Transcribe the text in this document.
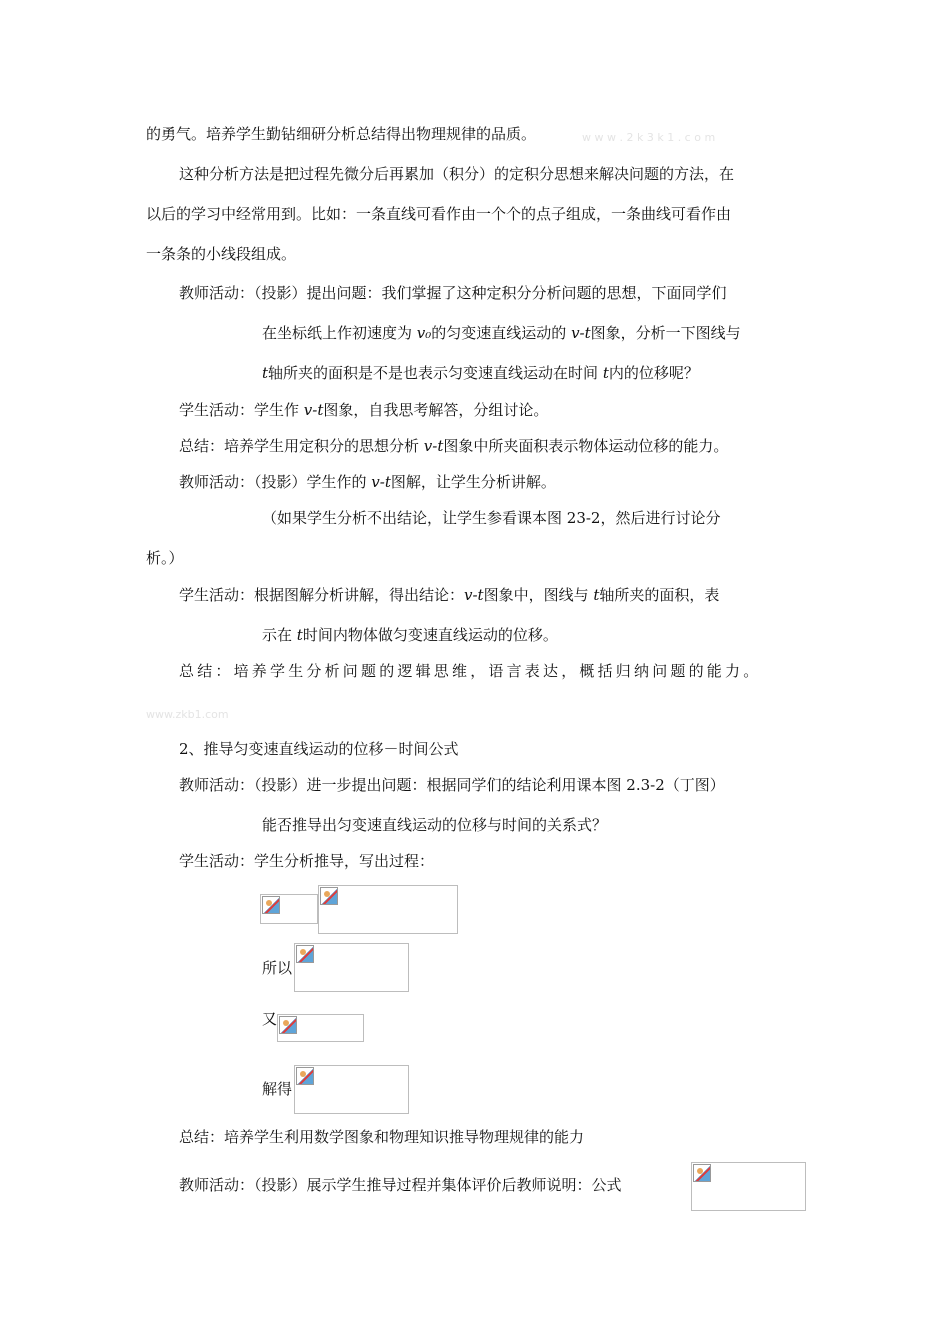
w w w . 2 k 3 k 1 . c o m
www.zkb1.com
的勇气。培养学生勤钻细研分析总结得出物理规律的品质。
这种分析方法是把过程先微分后再累加（积分）的定积分思想来解决问题的方法，在
以后的学习中经常用到。比如：一条直线可看作由一个个的点子组成，一条曲线可看作由
一条条的小线段组成。
教师活动：（投影）提出问题：我们掌握了这种定积分分析问题的思想，下面同学们
在坐标纸上作初速度为 v₀的匀变速直线运动的 v-t图象，分析一下图线与
t轴所夹的面积是不是也表示匀变速直线运动在时间 t内的位移呢？
学生活动：学生作 v-t图象，自我思考解答，分组讨论。
总结：培养学生用定积分的思想分析 v-t图象中所夹面积表示物体运动位移的能力。
教师活动：（投影）学生作的 v-t图解，让学生分析讲解。
（如果学生分析不出结论，让学生参看课本图 23-2，然后进行讨论分
析。）
学生活动：根据图解分析讲解，得出结论：v-t图象中，图线与 t轴所夹的面积，表
示在 t时间内物体做匀变速直线运动的位移。
总结：培养学生分析问题的逻辑思维，语言表达，概括归纳问题的能力。
2、推导匀变速直线运动的位移－时间公式
教师活动：（投影）进一步提出问题：根据同学们的结论利用课本图 2.3-2（丁图）
能否推导出匀变速直线运动的位移与时间的关系式？
学生活动：学生分析推导，写出过程：
所以
又
解得
总结：培养学生利用数学图象和物理知识推导物理规律的能力
教师活动：（投影）展示学生推导过程并集体评价后教师说明：公式
